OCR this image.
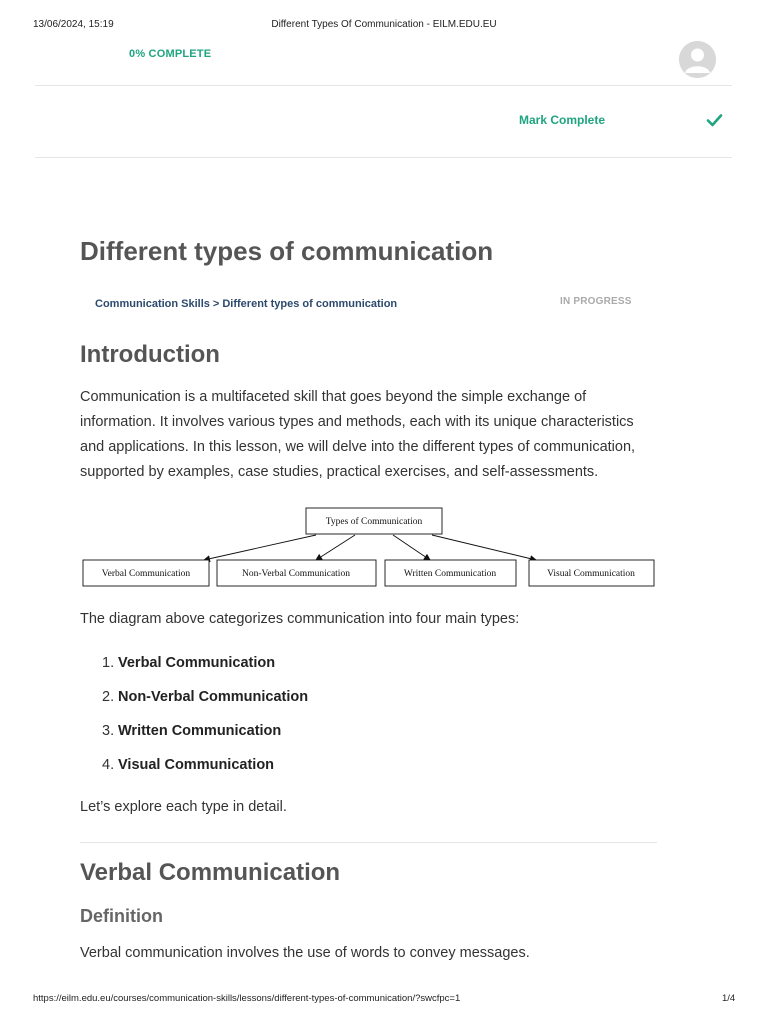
13/06/2024, 15:19	Different Types Of Communication - EILM.EDU.EU
0% COMPLETE
Mark Complete
Different types of communication
Communication Skills > Different types of communication	IN PROGRESS
Introduction

Communication is a multifaceted skill that goes beyond the simple exchange of information. It involves various types and methods, each with its unique characteristics and applications. In this lesson, we will delve into the different types of communication, supported by examples, case studies, practical exercises, and self-assessments.

Types of Communication
Verbal Communication	Non-Verbal Communication	Written Communication	Visual Communication

The diagram above categorizes communication into four main types:

1. Verbal Communication
2. Non-Verbal Communication
3. Written Communication
4. Visual Communication

Let’s explore each type in detail.

Verbal Communication
Definition

Verbal communication involves the use of words to convey messages.

https://eilm.edu.eu/courses/communication-skills/lessons/different-types-of-communication/?swcfpc=1	1/4
